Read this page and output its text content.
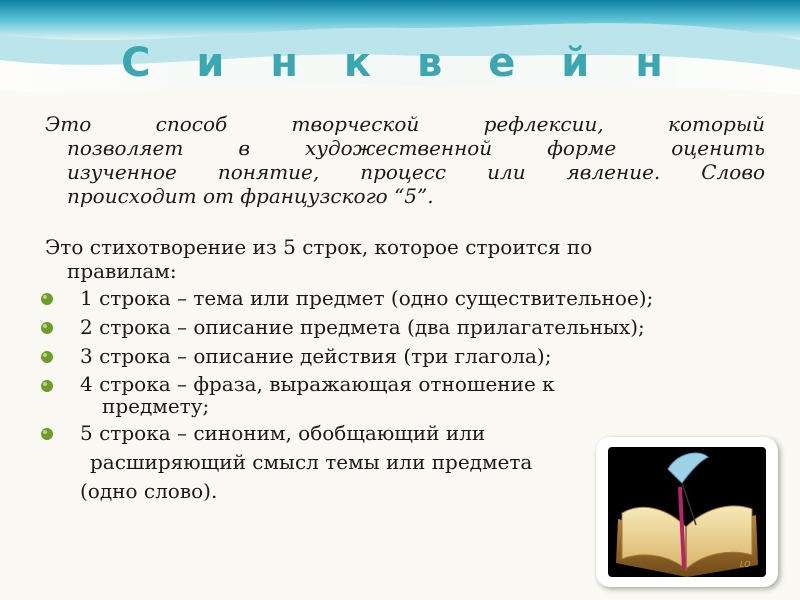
С и н к в е й н
Это способ творческой рефлексии, который
позволяет в художественной форме оценить
изученное понятие, процесс или явление. Слово
происходит от французского “5”.
Это стихотворение из 5 строк, которое строится по
правилам:
1 строка – тема или предмет (одно существительное);
2 строка – описание предмета (два прилагательных);
3 строка – описание действия (три глагола);
4 строка – фраза, выражающая отношение к
предмету;
5 строка – синоним, обобщающий или
расширяющий смысл темы или предмета
(одно слово).
LO
